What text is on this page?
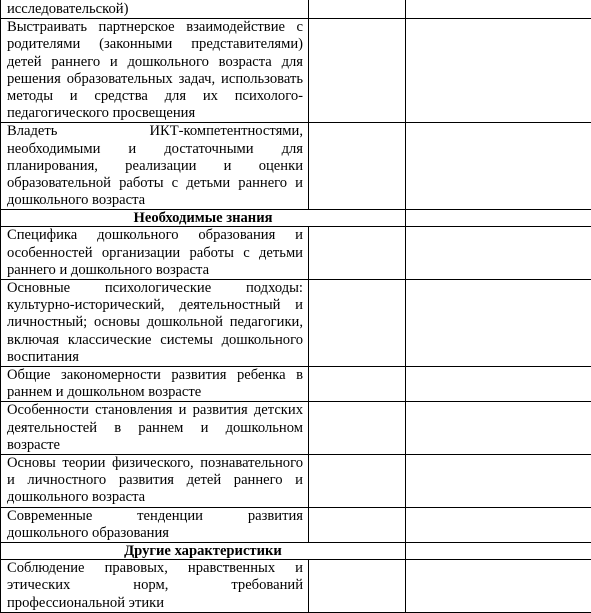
исследовательской)		
Выстраивать партнерское взаимодействие с родителями (законными представителями) детей раннего и дошкольного возраста для решения образовательных задач, использовать методы и средства для их психолого-педагогического просвещения		
Владеть ИКТ-компетентностями, необходимыми и достаточными для планирования, реализации и оценки образовательной работы с детьми раннего и дошкольного возраста		
Необходимые знания		
Специфика дошкольного образования и особенностей организации работы с детьми раннего и дошкольного возраста		
Основные психологические подходы: культурно-исторический, деятельностный и личностный; основы дошкольной педагогики, включая классические системы дошкольного воспитания		
Общие закономерности развития ребенка в раннем и дошкольном возрасте		
Особенности становления и развития детских деятельностей в раннем и дошкольном возрасте		
Основы теории физического, познавательного и личностного развития детей раннего и дошкольного возраста		
Современные тенденции развития дошкольного образования		
Другие характеристики		
Соблюдение правовых, нравственных и этических норм, требований профессиональной этики		
